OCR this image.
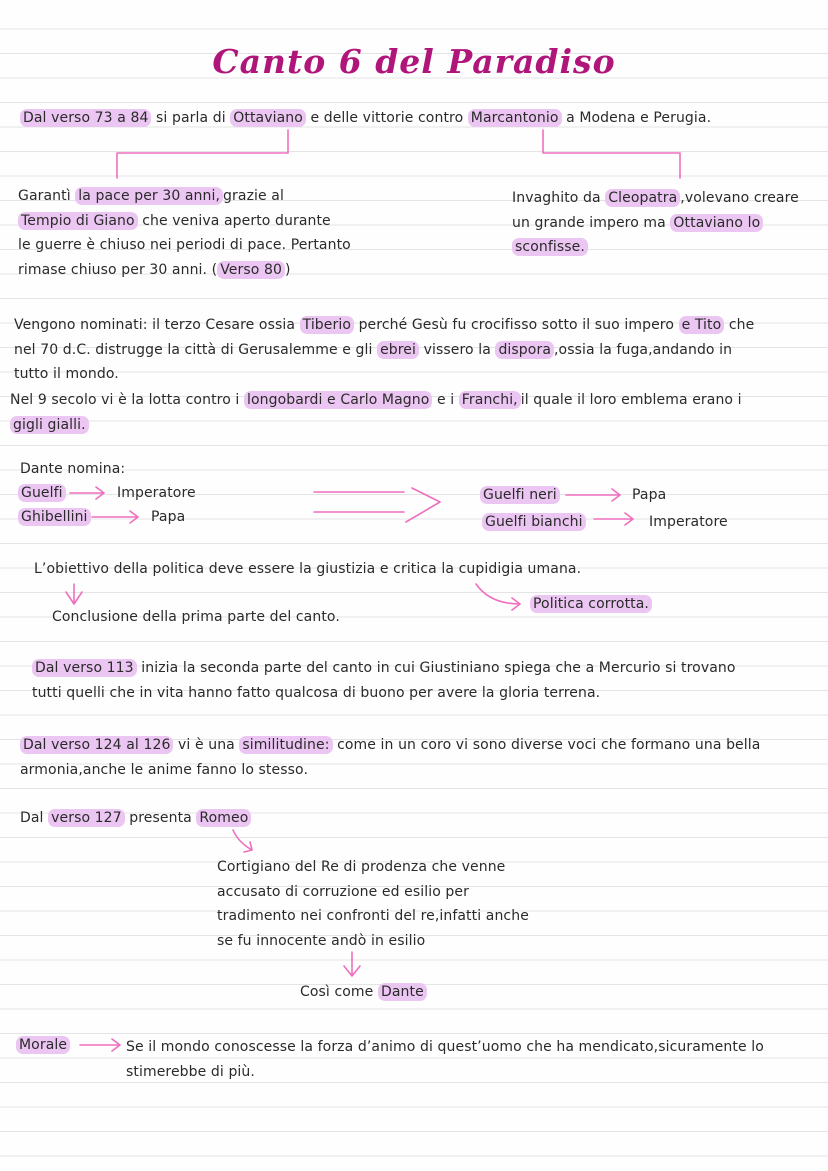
Canto 6 del Paradiso
Dal verso 73 a 84 si parla di Ottaviano e delle vittorie contro Marcantonio a Modena e Perugia.
Garantì la pace per 30 anni, grazie al
Tempio di Giano che veniva aperto durante
le guerre è chiuso nei periodi di pace. Pertanto
rimase chiuso per 30 anni. ( Verso 80 )
Invaghito da Cleopatra ,volevano creare
un grande impero ma Ottaviano lo
sconfisse.
Vengono nominati: il terzo Cesare ossia Tiberio perché Gesù fu crocifisso sotto il suo impero e Tito che
nel 70 d.C. distrugge la città di Gerusalemme e gli ebrei vissero la dispora ,ossia la fuga,andando in
tutto il mondo.
Nel 9 secolo vi è la lotta contro i longobardi e Carlo Magno e i Franchi, il quale il loro emblema erano i
gigli gialli.
Dante nomina:
Guelfi	Imperatore
Ghibellini	Papa
Guelfi neri	Papa
Guelfi bianchi	Imperatore
L’obiettivo della politica deve essere la giustizia e critica la cupidigia umana.
Conclusione della prima parte del canto.
Politica corrotta.
Dal verso 113 inizia la seconda parte del canto in cui Giustiniano spiega che a Mercurio si trovano
tutti quelli che in vita hanno fatto qualcosa di buono per avere la gloria terrena.
Dal verso 124 al 126 vi è una similitudine: come in un coro vi sono diverse voci che formano una bella
armonia,anche le anime fanno lo stesso.
Dal verso 127 presenta Romeo
Cortigiano del Re di prodenza che venne
accusato di corruzione ed esilio per
tradimento nei confronti del re,infatti anche
se fu innocente andò in esilio
Così come Dante
Morale	Se il mondo conoscesse la forza d’animo di quest’uomo che ha mendicato,sicuramente lo
stimerebbe di più.
